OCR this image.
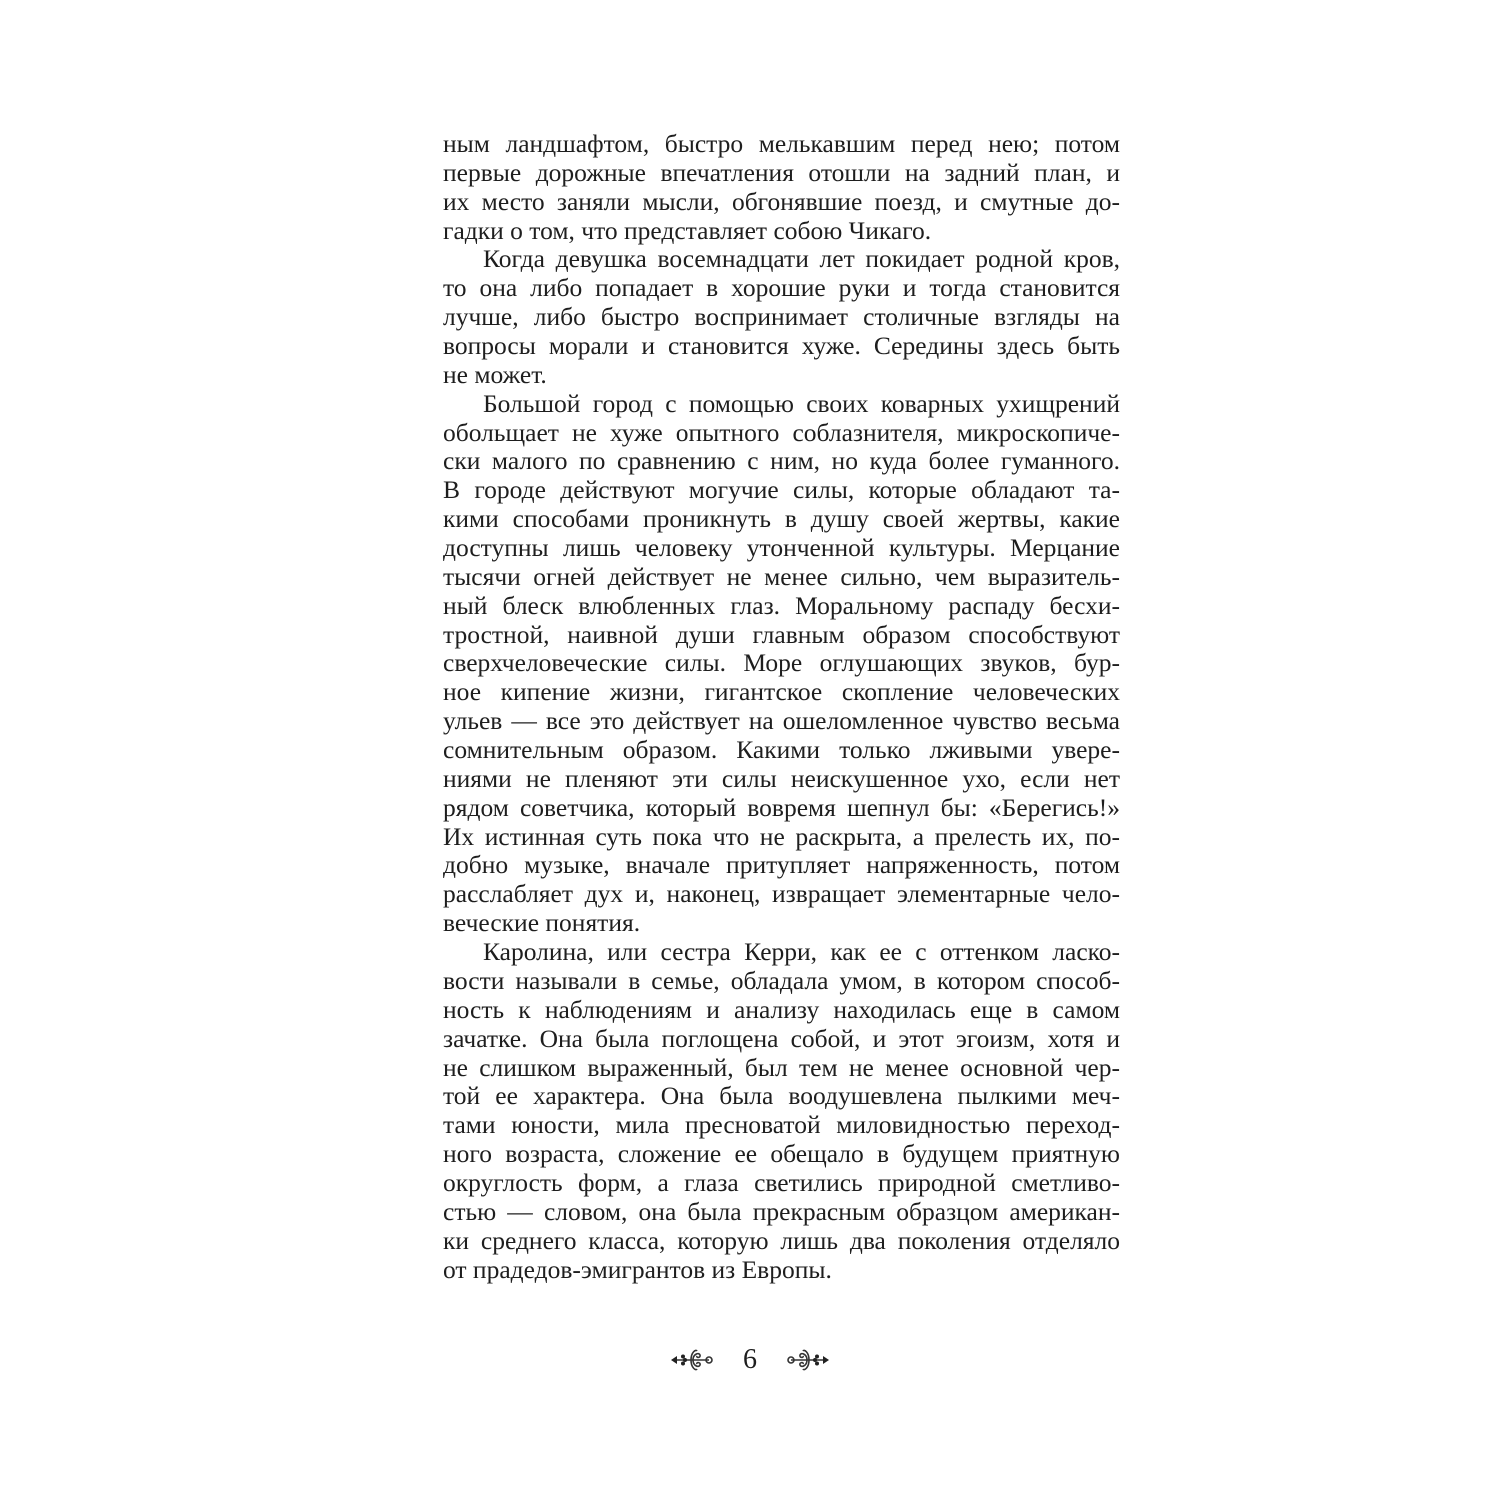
ным ландшафтом, быстро мелькавшим перед нею; потом
первые дорожные впечатления отошли на задний план, и
их место заняли мысли, обгонявшие поезд, и смутные до-
гадки о том, что представляет собою Чикаго.
Когда девушка восемнадцати лет покидает родной кров,
то она либо попадает в хорошие руки и тогда становится
лучше, либо быстро воспринимает столичные взгляды на
вопросы морали и становится хуже. Середины здесь быть
не может.
Большой город с помощью своих коварных ухищрений
обольщает не хуже опытного соблазнителя, микроскопиче-
ски малого по сравнению с ним, но куда более гуманного.
В городе действуют могучие силы, которые обладают та-
кими способами проникнуть в душу своей жертвы, какие
доступны лишь человеку утонченной культуры. Мерцание
тысячи огней действует не менее сильно, чем выразитель-
ный блеск влюбленных глаз. Моральному распаду бесхи-
тростной, наивной души главным образом способствуют
сверхчеловеческие силы. Море оглушающих звуков, бур-
ное кипение жизни, гигантское скопление человеческих
ульев — все это действует на ошеломленное чувство весьма
сомнительным образом. Какими только лживыми увере-
ниями не пленяют эти силы неискушенное ухо, если нет
рядом советчика, который вовремя шепнул бы: «Берегись!»
Их истинная суть пока что не раскрыта, а прелесть их, по-
добно музыке, вначале притупляет напряженность, потом
расслабляет дух и, наконец, извращает элементарные чело-
веческие понятия.
Каролина, или сестра Керри, как ее с оттенком ласко-
вости называли в семье, обладала умом, в котором способ-
ность к наблюдениям и анализу находилась еще в самом
зачатке. Она была поглощена собой, и этот эгоизм, хотя и
не слишком выраженный, был тем не менее основной чер-
той ее характера. Она была воодушевлена пылкими меч-
тами юности, мила пресноватой миловидностью переход-
ного возраста, сложение ее обещало в будущем приятную
округлость форм, а глаза светились природной сметливо-
стью — словом, она была прекрасным образцом американ-
ки среднего класса, которую лишь два поколения отделяло
от прадедов-эмигрантов из Европы.
6
